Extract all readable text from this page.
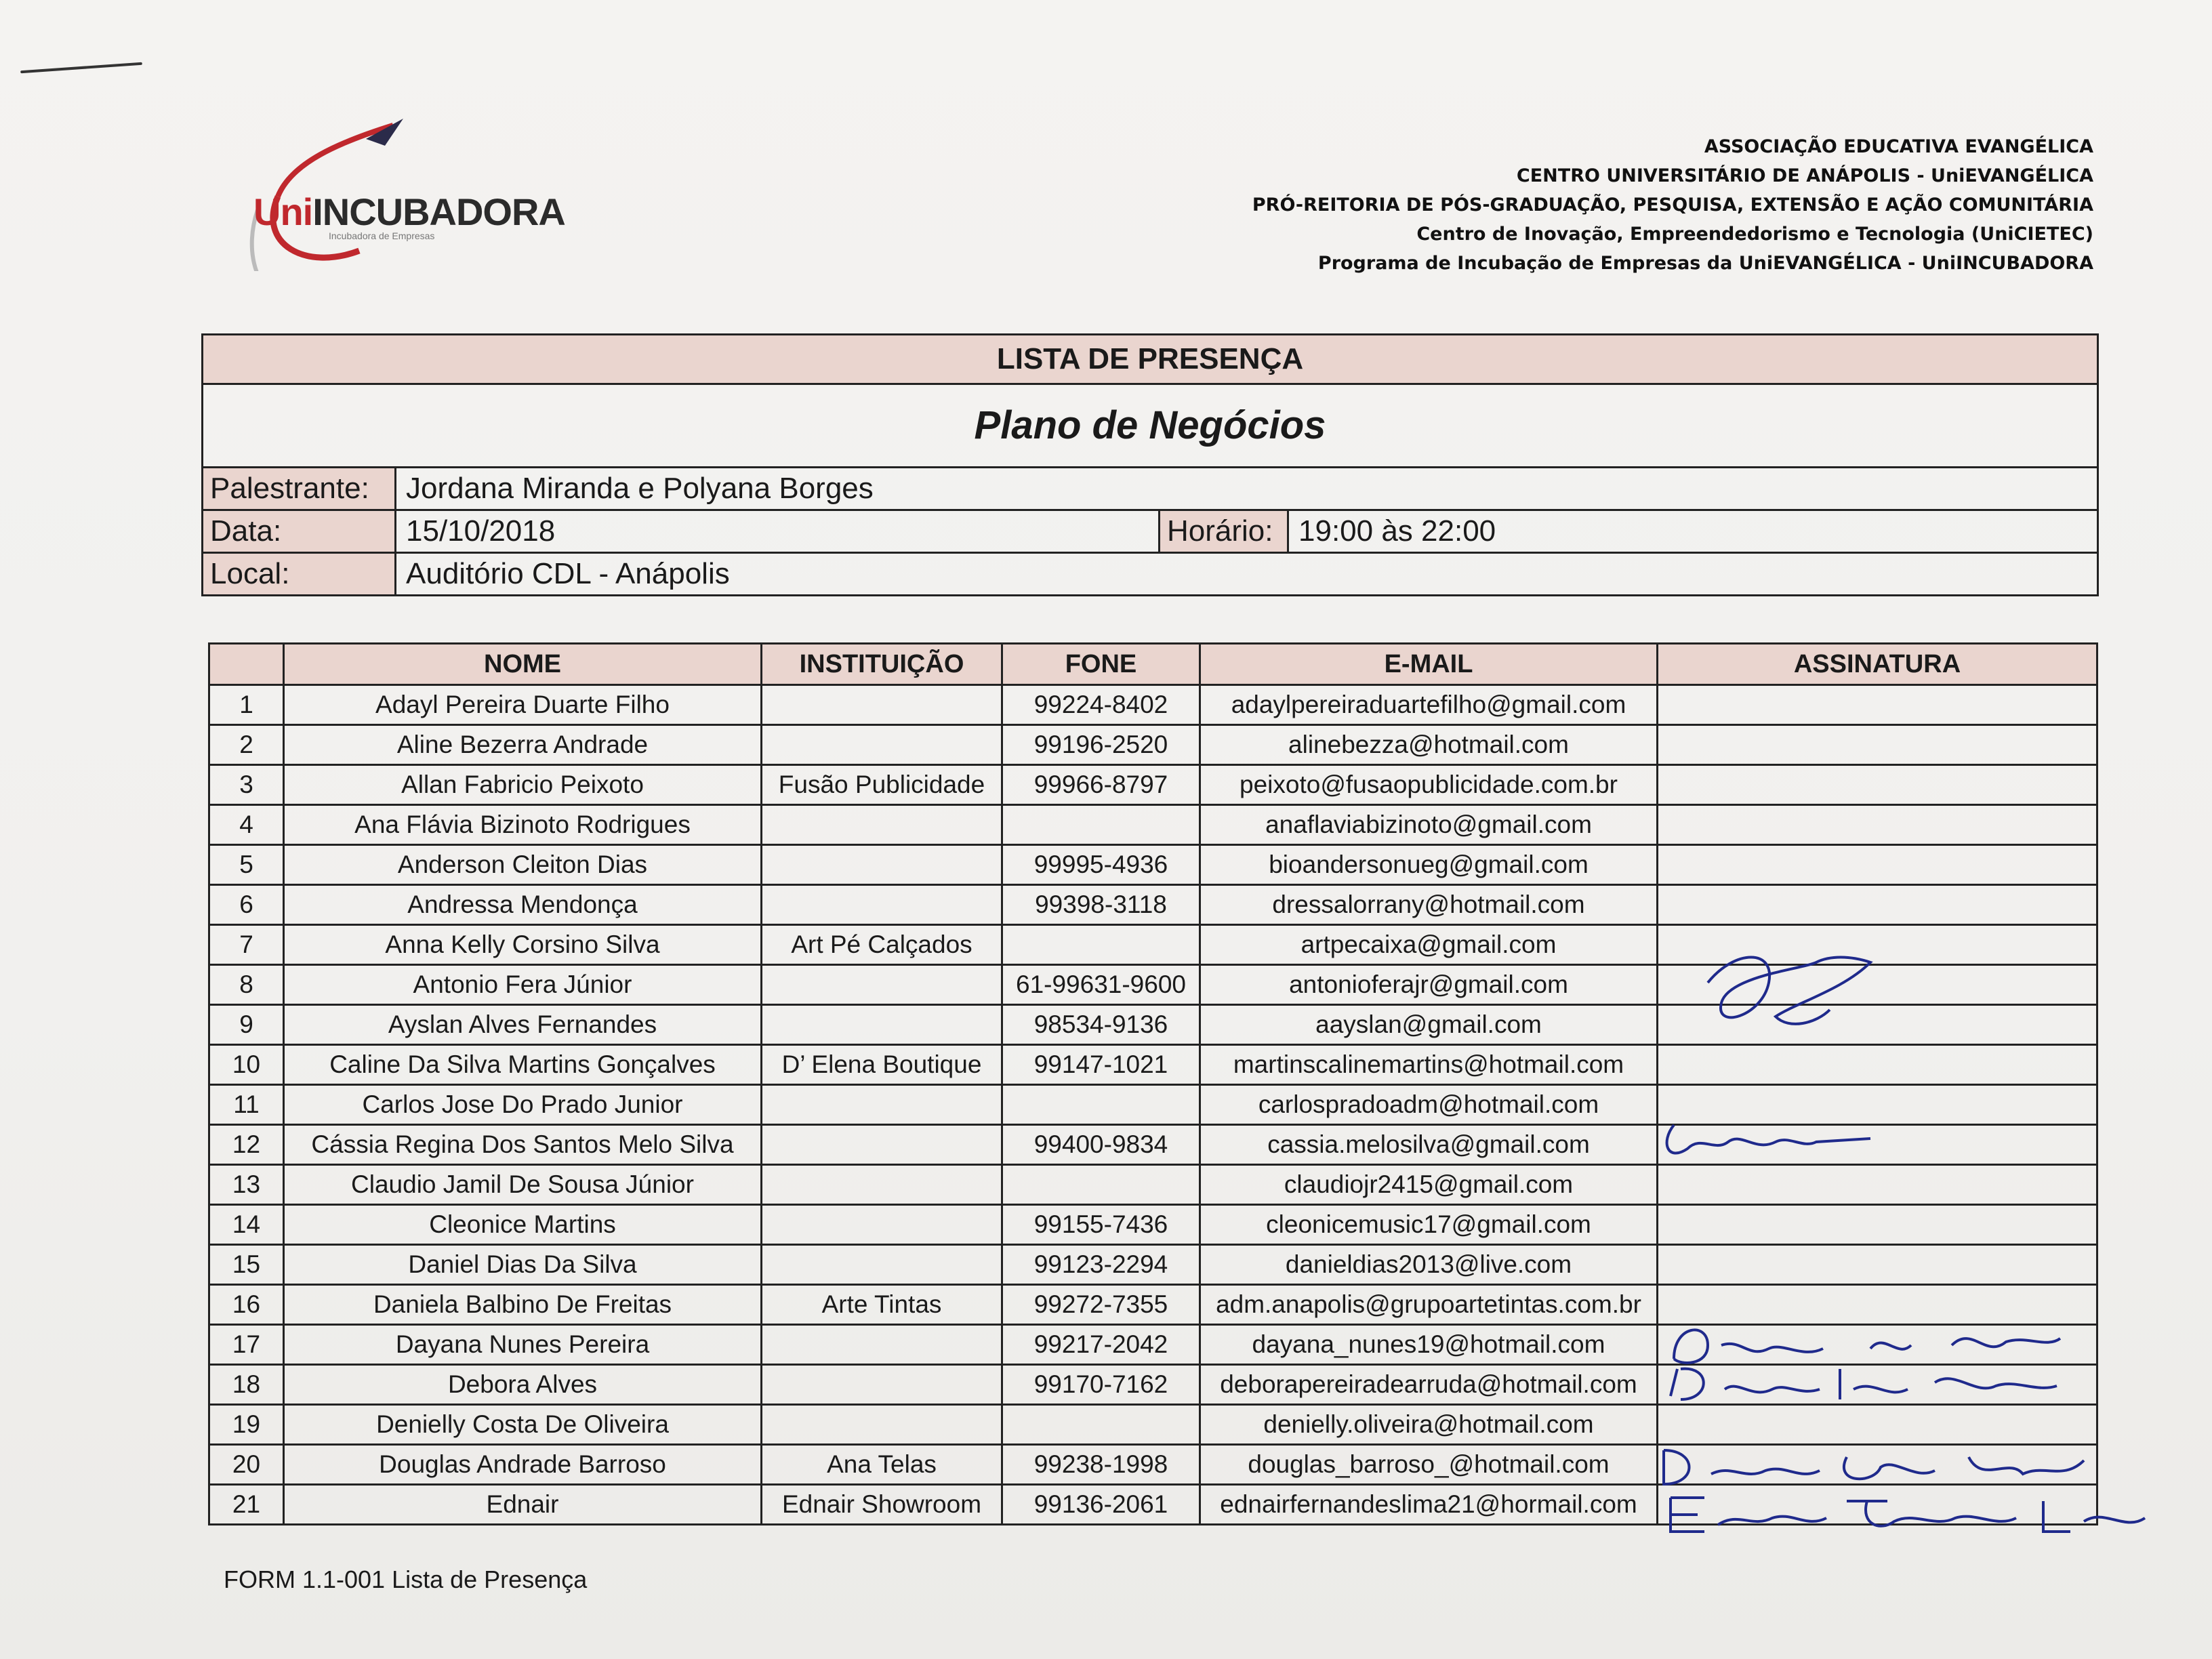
UniINCUBADORA
Incubadora de Empresas
ASSOCIAÇÃO EDUCATIVA EVANGÉLICA
CENTRO UNIVERSITÁRIO DE ANÁPOLIS - UniEVANGÉLICA
PRÓ-REITORIA DE PÓS-GRADUAÇÃO, PESQUISA, EXTENSÃO E AÇÃO COMUNITÁRIA
Centro de Inovação, Empreendedorismo e Tecnologia (UniCIETEC)
Programa de Incubação de Empresas da UniEVANGÉLICA - UniINCUBADORA
LISTA DE PRESENÇA
Plano de Negócios
Palestrante:	Jordana Miranda e Polyana Borges
Data:	15/10/2018	Horário: 19:00 às 22:00
Local:	Auditório CDL - Anápolis
	NOME	INSTITUIÇÃO	FONE	E-MAIL	ASSINATURA
1	Adayl Pereira Duarte Filho		99224-8402	adaylpereiraduartefilho@gmail.com	
2	Aline Bezerra Andrade		99196-2520	alinebezza@hotmail.com	
3	Allan Fabricio Peixoto	Fusão Publicidade	99966-8797	peixoto@fusaopublicidade.com.br	
4	Ana Flávia Bizinoto Rodrigues			anaflaviabizinoto@gmail.com	
5	Anderson Cleiton Dias		99995-4936	bioandersonueg@gmail.com	
6	Andressa Mendonça		99398-3118	dressalorrany@hotmail.com	
7	Anna Kelly Corsino Silva	Art Pé Calçados		artpecaixa@gmail.com	
8	Antonio Fera Júnior		61-99631-9600	antonioferajr@gmail.com	
9	Ayslan Alves Fernandes		98534-9136	aayslan@gmail.com	
10	Caline Da Silva Martins Gonçalves	D’ Elena Boutique	99147-1021	martinscalinemartins@hotmail.com	
11	Carlos Jose Do Prado Junior			carlospradoadm@hotmail.com	
12	Cássia Regina Dos Santos Melo Silva		99400-9834	cassia.melosilva@gmail.com	
13	Claudio Jamil De Sousa Júnior			claudiojr2415@gmail.com	
14	Cleonice Martins		99155-7436	cleonicemusic17@gmail.com	
15	Daniel Dias Da Silva		99123-2294	danieldias2013@live.com	
16	Daniela Balbino De Freitas	Arte Tintas	99272-7355	adm.anapolis@grupoartetintas.com.br	
17	Dayana Nunes Pereira		99217-2042	dayana_nunes19@hotmail.com	
18	Debora Alves		99170-7162	deborapereiradearruda@hotmail.com	
19	Denielly Costa De Oliveira			denielly.oliveira@hotmail.com	
20	Douglas Andrade Barroso	Ana Telas	99238-1998	douglas_barroso_@hotmail.com	
21	Ednair	Ednair Showroom	99136-2061	ednairfernandeslima21@hormail.com	
FORM 1.1-001 Lista de Presença
